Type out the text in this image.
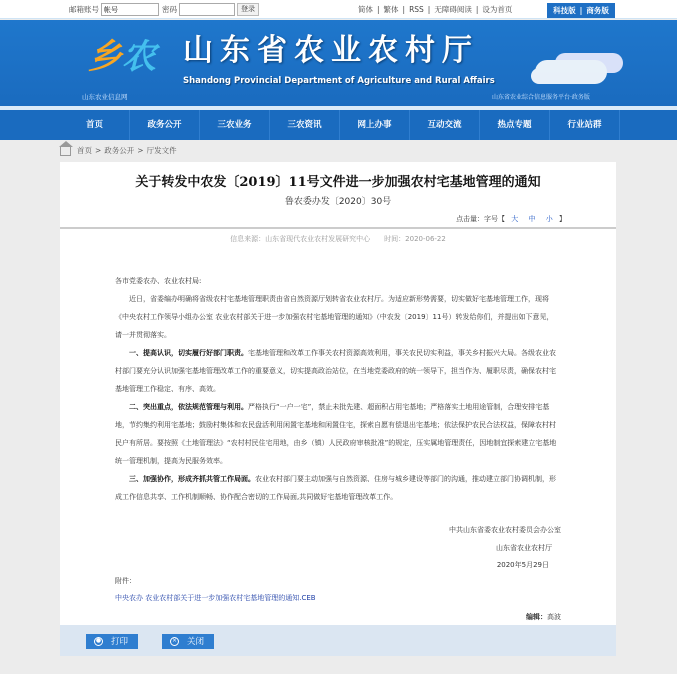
邮箱账号
帐号	密码	登录	简体 | 繁体 | RSS | 无障碍阅读 | 设为首页	科技版 | 商务版
乡农
山东农业信息网
山东省农业农村厅
Shandong Provincial Department of Agriculture and Rural Affairs
山东省农业综合信息服务平台·政务版
首页	政务公开	三农业务	三农资讯	网上办事	互动交流	热点专题	行业站群
首页 > 政务公开 > 厅发文件
关于转发中农发〔2019〕11号文件进一步加强农村宅基地管理的通知
鲁农委办发〔2020〕30号
点击量：字号【 大 中 小 】
信息来源：山东省现代农业农村发展研究中心　　时间：2020-06-22

各市党委农办、农业农村局:

近日，省委编办明确将省级农村宅基地管理职责由省自然资源厅划转省农业农村厅。为适应新形势需要，切实做好宅基地管理工作，现将《中央农村工作领导小组办公室 农业农村部关于进一步加强农村宅基地管理的通知》（中农发〔2019〕11号）转发给你们，并提出如下意见，请一并贯彻落实。

一、提高认识，切实履行好部门职责。宅基地管理和改革工作事关农村资源高效利用，事关农民切实利益，事关乡村振兴大局。各级农业农村部门要充分认识加强宅基地管理改革工作的重要意义，切实提高政治站位，在当地党委政府的统一领导下，担当作为、履职尽责，确保农村宅基地管理工作稳定、有序、高效。

二、突出重点，依法规范管理与利用。严格执行“一户一宅”，禁止未批先建、超面积占用宅基地；严格落实土地用途管制，合理安排宅基地，节约集约利用宅基地；鼓励村集体和农民盘活利用闲置宅基地和闲置住宅，探索自愿有偿退出宅基地；依法保护农民合法权益，保障农村村民户有所居。要按照《土地管理法》“农村村民住宅用地，由乡（镇）人民政府审核批准”的规定，压实属地管理责任，因地制宜探索建立宅基地统一管理机制，提高为民服务效率。

三、加强协作，形成齐抓共管工作局面。农业农村部门要主动加强与自然资源、住房与城乡建设等部门的沟通，推动建立部门协调机制，形成工作信息共享、工作机制顺畅、协作配合密切的工作局面,共同做好宅基地管理改革工作。

中共山东省委农业农村委员会办公室
山东省农业农村厅
2020年5月29日
附件：
中央农办 农业农村部关于进一步加强农村宅基地管理的通知.CEB
编辑：高波
● 打印	× 关闭
